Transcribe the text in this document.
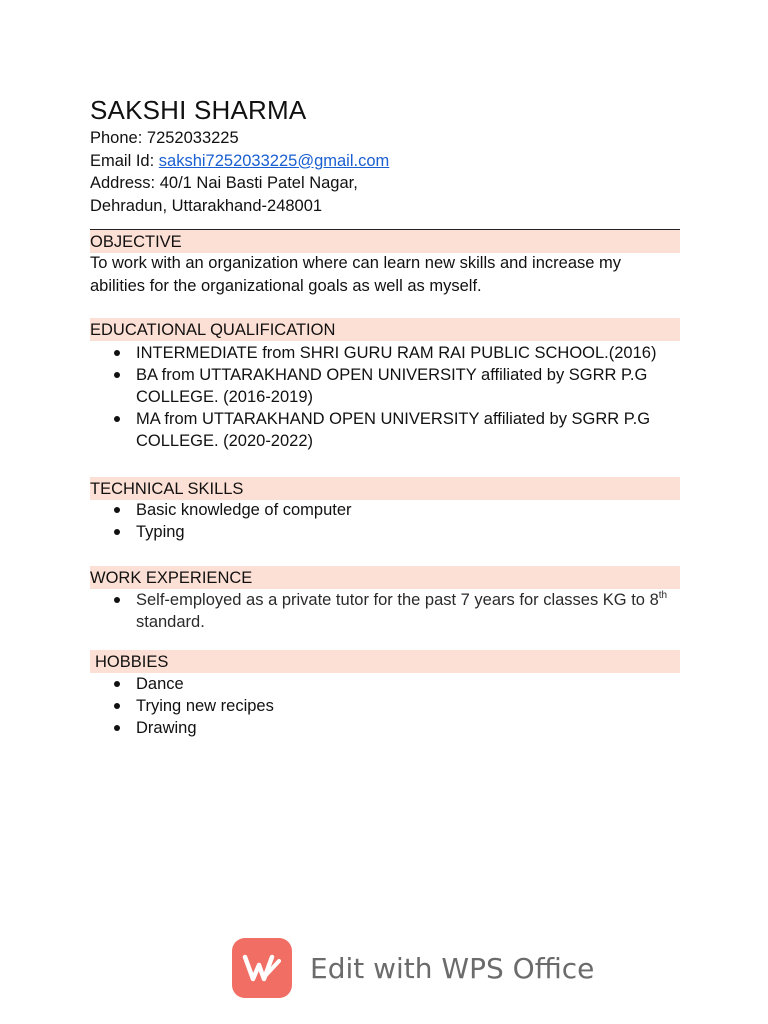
SAKSHI SHARMA
Phone: 7252033225
Email Id: sakshi7252033225@gmail.com
Address: 40/1 Nai Basti Patel Nagar,
Dehradun, Uttarakhand-248001
OBJECTIVE
To work with an organization where can learn new skills and increase my abilities for the organizational goals as well as myself.
EDUCATIONAL QUALIFICATION
INTERMEDIATE from SHRI GURU RAM RAI PUBLIC SCHOOL.(2016)
BA from UTTARAKHAND OPEN UNIVERSITY affiliated by SGRR P.G COLLEGE. (2016-2019)
MA from UTTARAKHAND OPEN UNIVERSITY affiliated by SGRR P.G COLLEGE. (2020-2022)
TECHNICAL SKILLS
Basic knowledge of computer
Typing
WORK EXPERIENCE
Self-employed as a private tutor for the past 7 years for classes KG to 8th standard.
HOBBIES
Dance
Trying new recipes
Drawing
Edit with WPS Office
